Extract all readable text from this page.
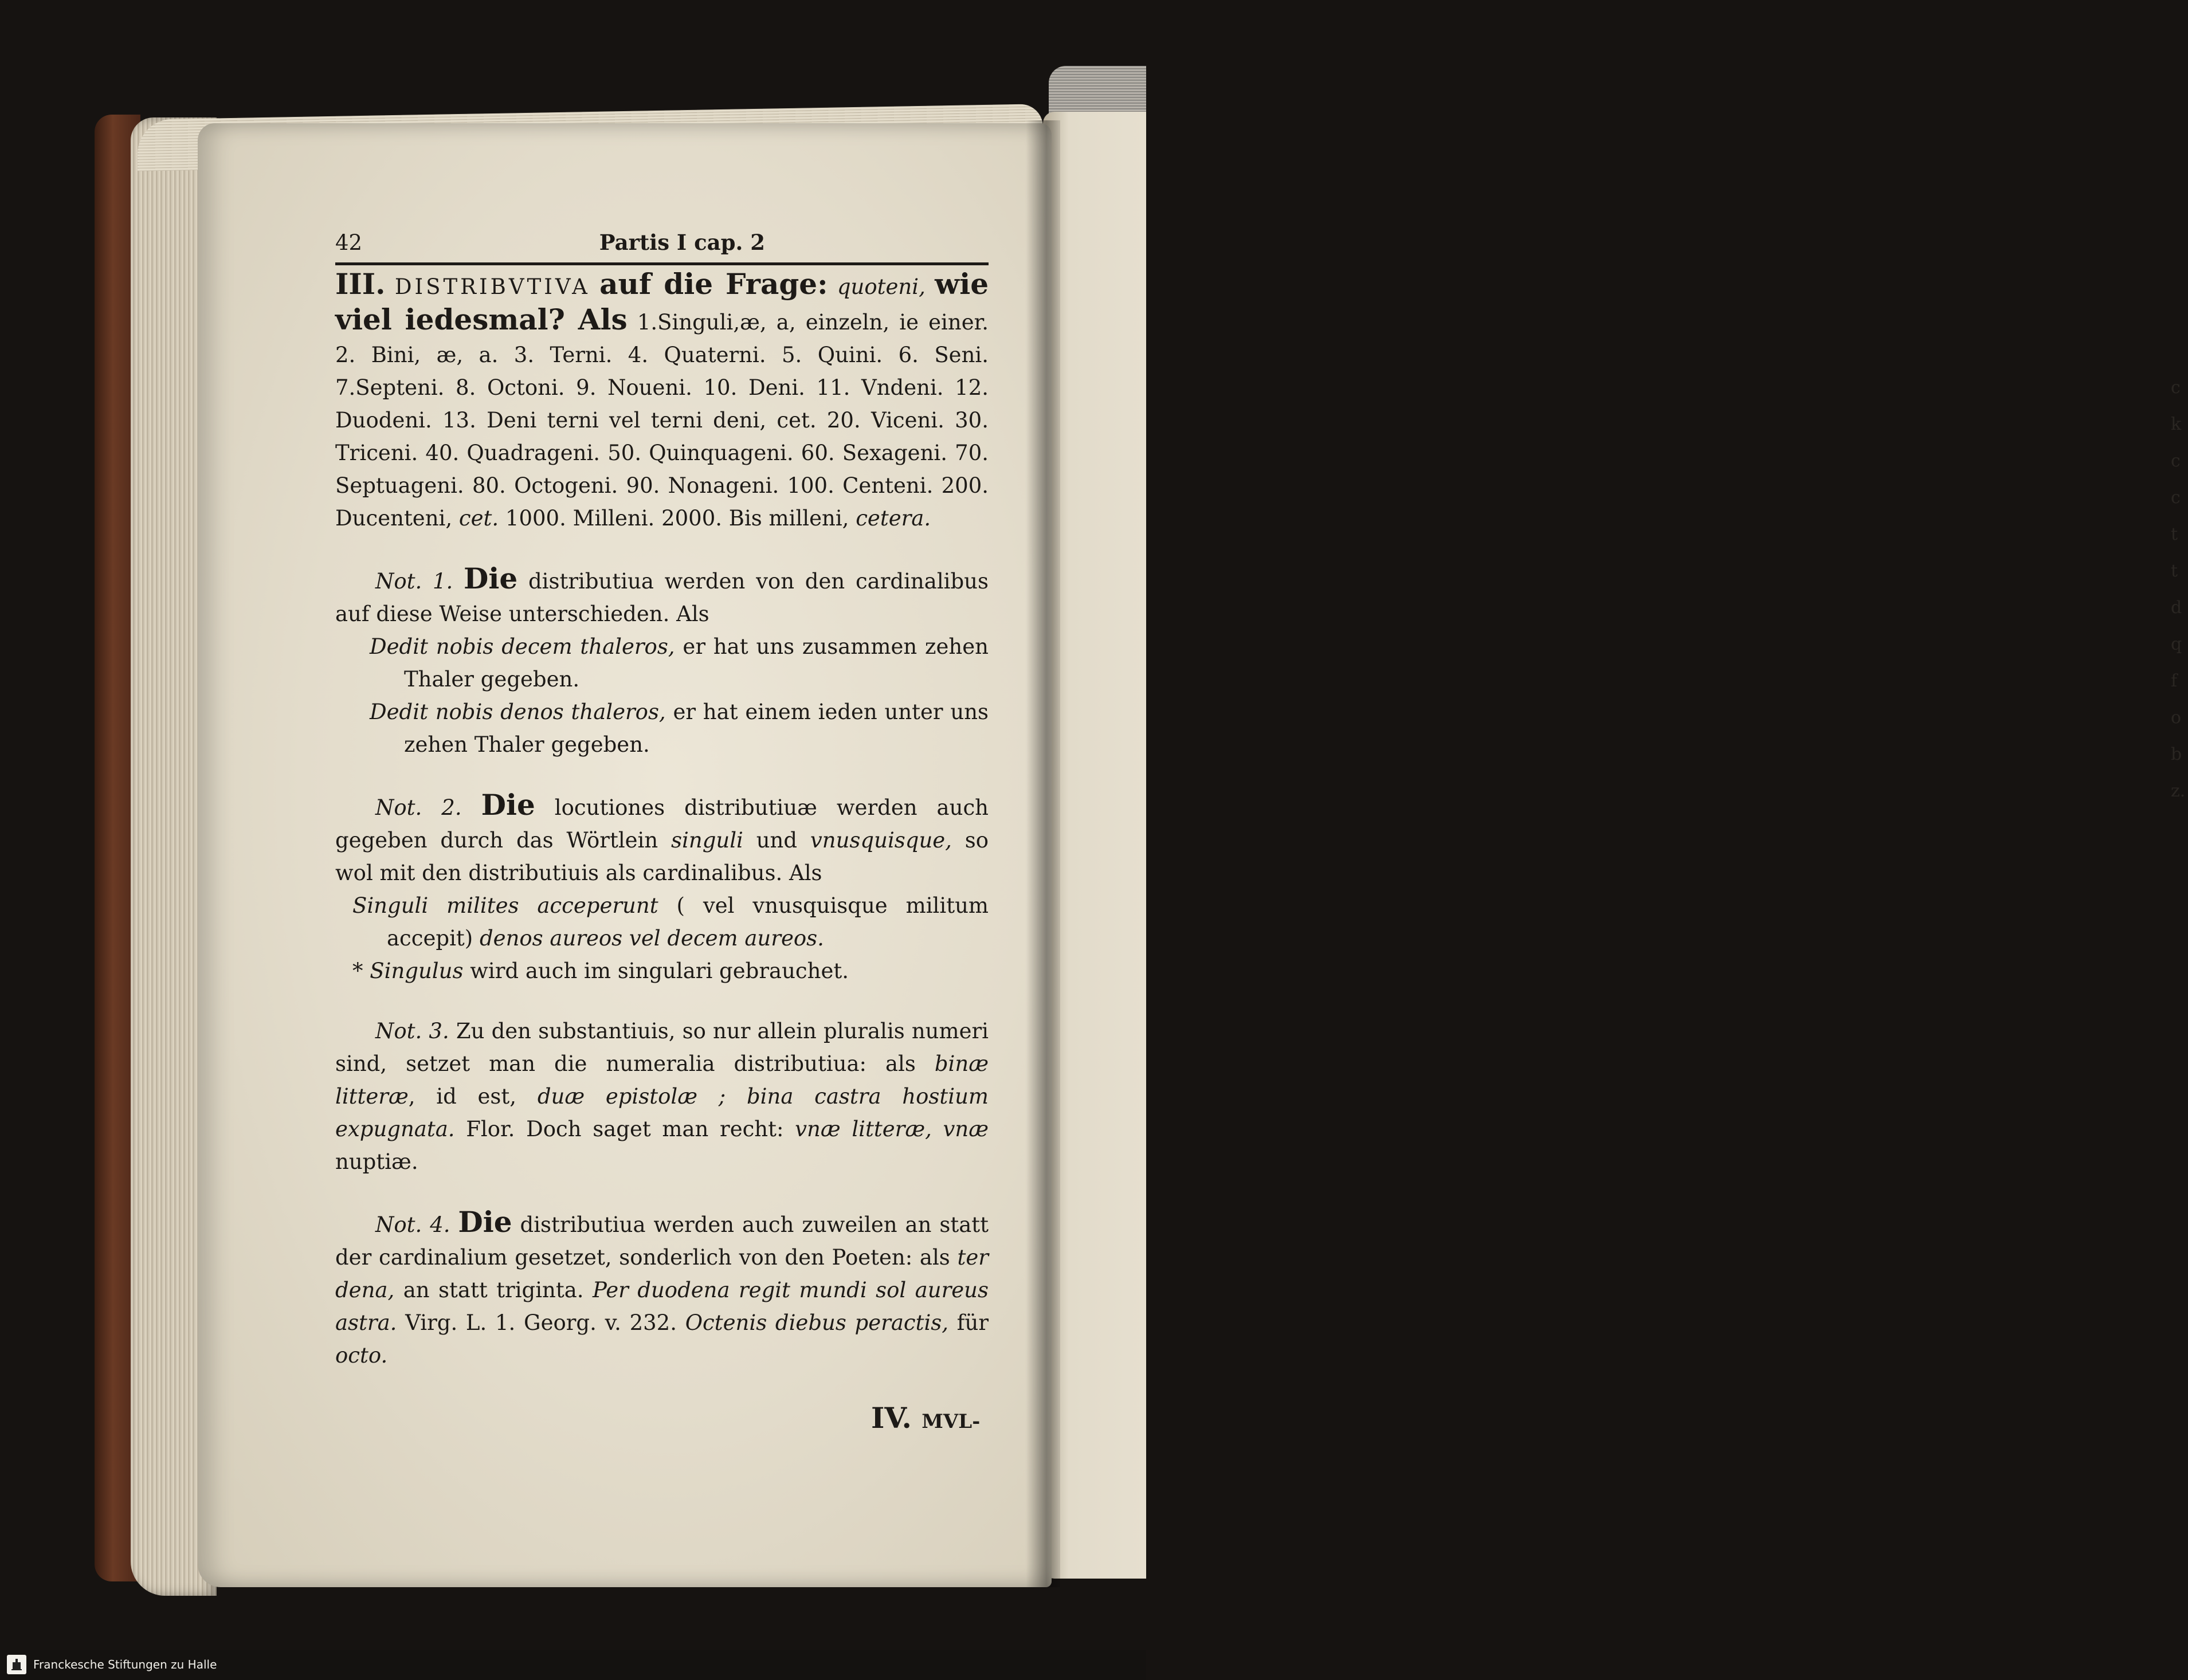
c
k
c
c
t
t
d
q
f
o
b
z.
42	Partis I cap. 2

III. DISTRIBVTIVA auf die Frage: quoteni, wie viel iedesmal? Als 1.Singuli,æ, a, einzeln, ie einer. 2. Bini, æ, a. 3. Terni. 4. Quaterni. 5. Quini. 6. Seni. 7.Septeni. 8. Octoni. 9. Noueni. 10. Deni. 11. Vndeni. 12. Duodeni. 13. Deni terni vel terni deni, cet. 20. Viceni. 30. Triceni. 40. Quadrageni. 50. Quinquageni. 60. Sexageni. 70. Septuageni. 80. Octogeni. 90. Nonageni. 100. Centeni. 200. Ducenteni, cet. 1000. Milleni. 2000. Bis milleni, cetera.

Not. 1. Die distributiua werden von den cardinalibus auf diese Weise unterschieden. Als

Dedit nobis decem thaleros, er hat uns zusammen zehen Thaler gegeben.

Dedit nobis denos thaleros, er hat einem ieden unter uns zehen Thaler gegeben.

Not. 2. Die locutiones distributiuæ werden auch gegeben durch das Wörtlein singuli und vnusquisque, so wol mit den distributiuis als cardinalibus. Als

Singuli milites acceperunt ( vel vnusquisque militum accepit) denos aureos vel decem aureos.

* Singulus wird auch im singulari gebrauchet.

Not. 3. Zu den substantiuis, so nur allein pluralis numeri sind, setzet man die numeralia distributiua: als binæ litteræ, id est, duæ epistolæ ; bina castra hostium expugnata. Flor. Doch saget man recht: vnæ litteræ, vnæ nuptiæ.

Not. 4. Die distributiua werden auch zuweilen an statt der cardinalium gesetzet, sonderlich von den Poeten: als ter dena, an statt triginta. Per duodena regit mundi sol aureus astra. Virg. L. 1. Georg. v. 232. Octenis diebus peractis, für octo.

IV. MVL-
Franckesche Stiftungen zu Halle
